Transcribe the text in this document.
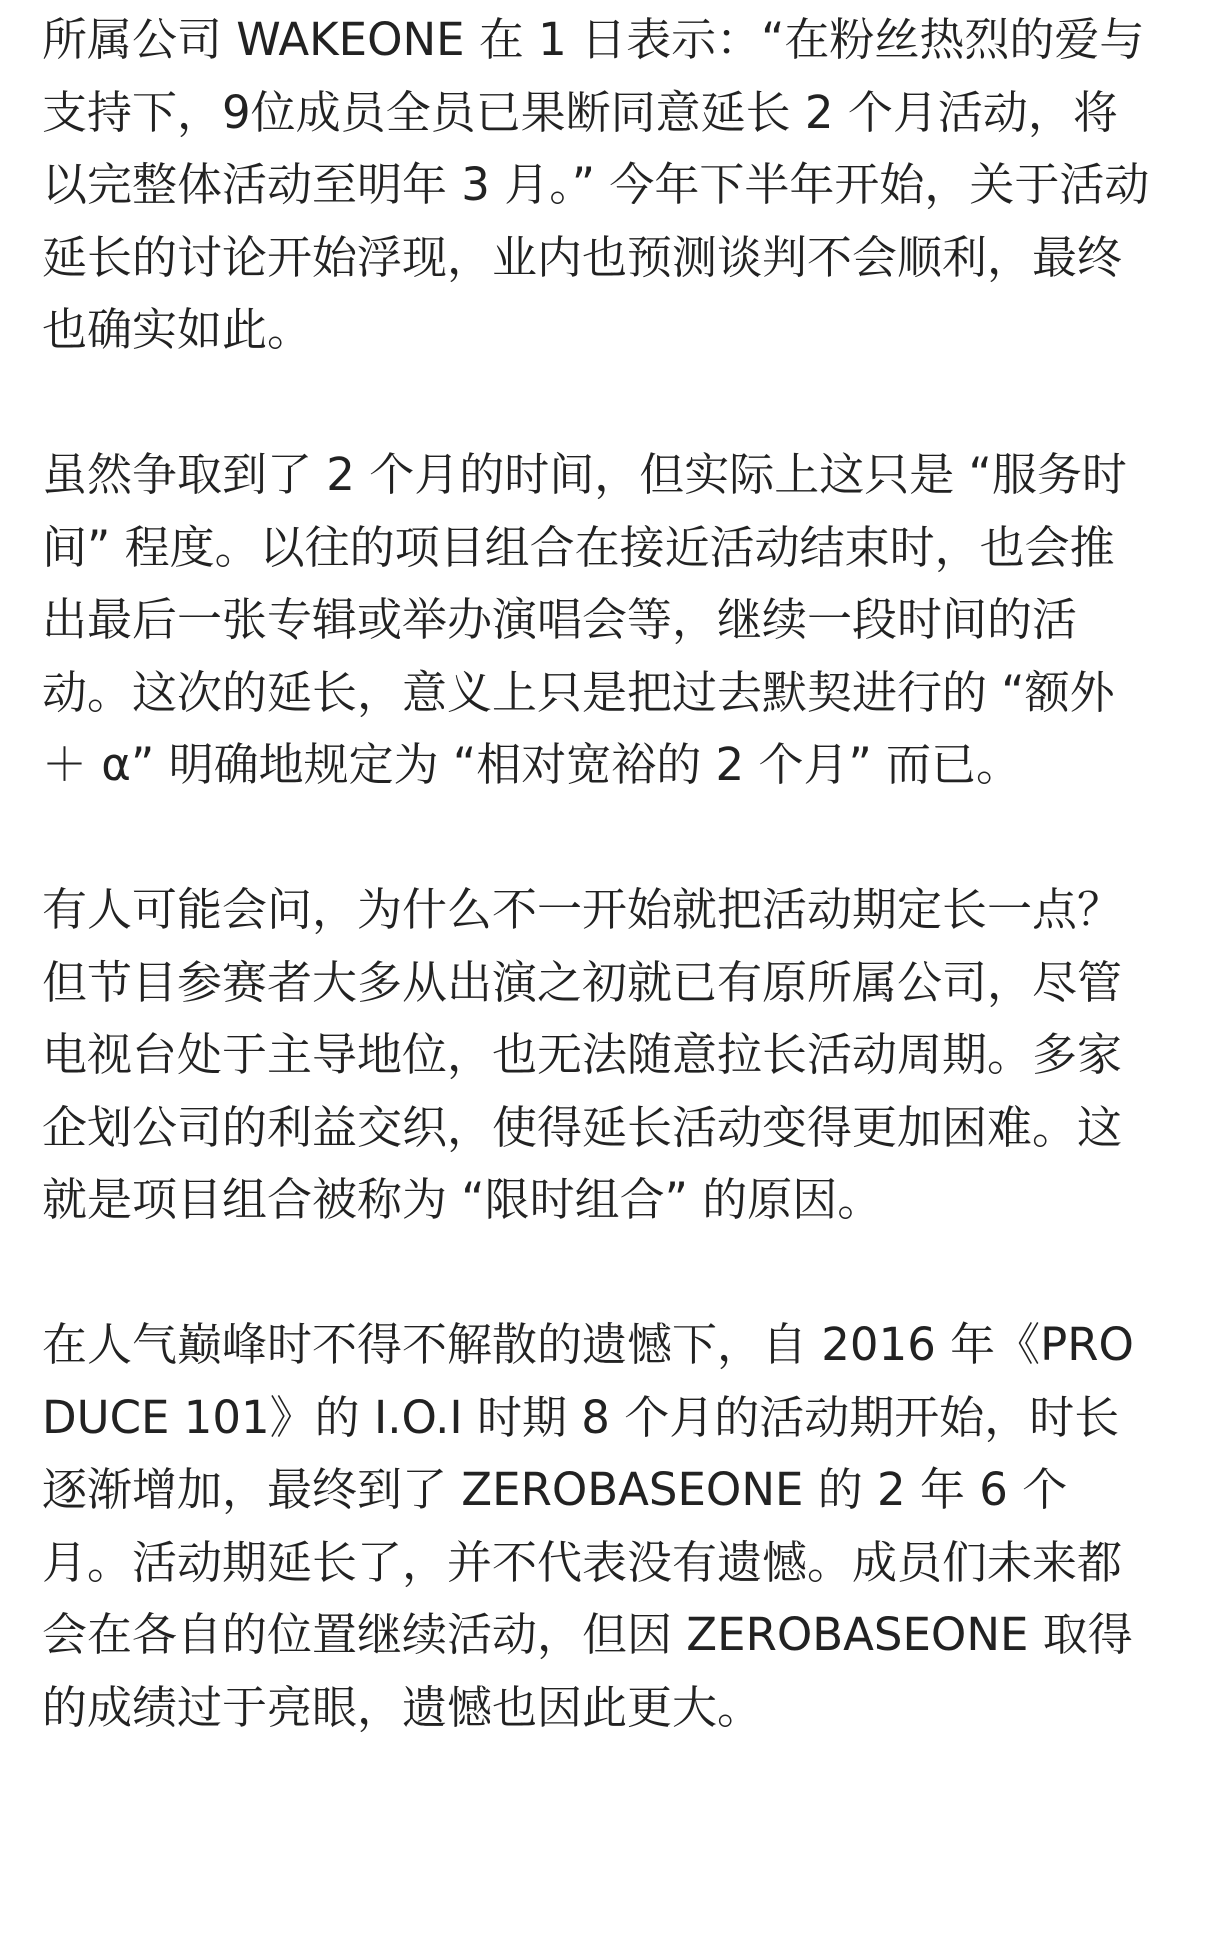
所属公司 WAKEONE 在 1 日表示：“在粉丝热烈的爱与支持下，9位成员全员已果断同意延长 2 个月活动，将以完整体活动至明年 3 月。” 今年下半年开始，关于活动延长的讨论开始浮现，业内也预测谈判不会顺利，最终也确实如此。

虽然争取到了 2 个月的时间，但实际上这只是 “服务时间” 程度。以往的项目组合在接近活动结束时，也会推出最后一张专辑或举办演唱会等，继续一段时间的活动。这次的延长，意义上只是把过去默契进行的 “额外＋ α” 明确地规定为 “相对宽裕的 2 个月” 而已。

有人可能会问，为什么不一开始就把活动期定长一点？但节目参赛者大多从出演之初就已有原所属公司，尽管电视台处于主导地位，也无法随意拉长活动周期。多家企划公司的利益交织，使得延长活动变得更加困难。这就是项目组合被称为 “限时组合” 的原因。

在人气巅峰时不得不解散的遗憾下，自 2016 年《PRODUCE 101》的 I.O.I 时期 8 个月的活动期开始，时长逐渐增加，最终到了 ZEROBASEONE 的 2 年 6 个月。活动期延长了，并不代表没有遗憾。成员们未来都会在各自的位置继续活动，但因 ZEROBASEONE 取得的成绩过于亮眼，遗憾也因此更大。
